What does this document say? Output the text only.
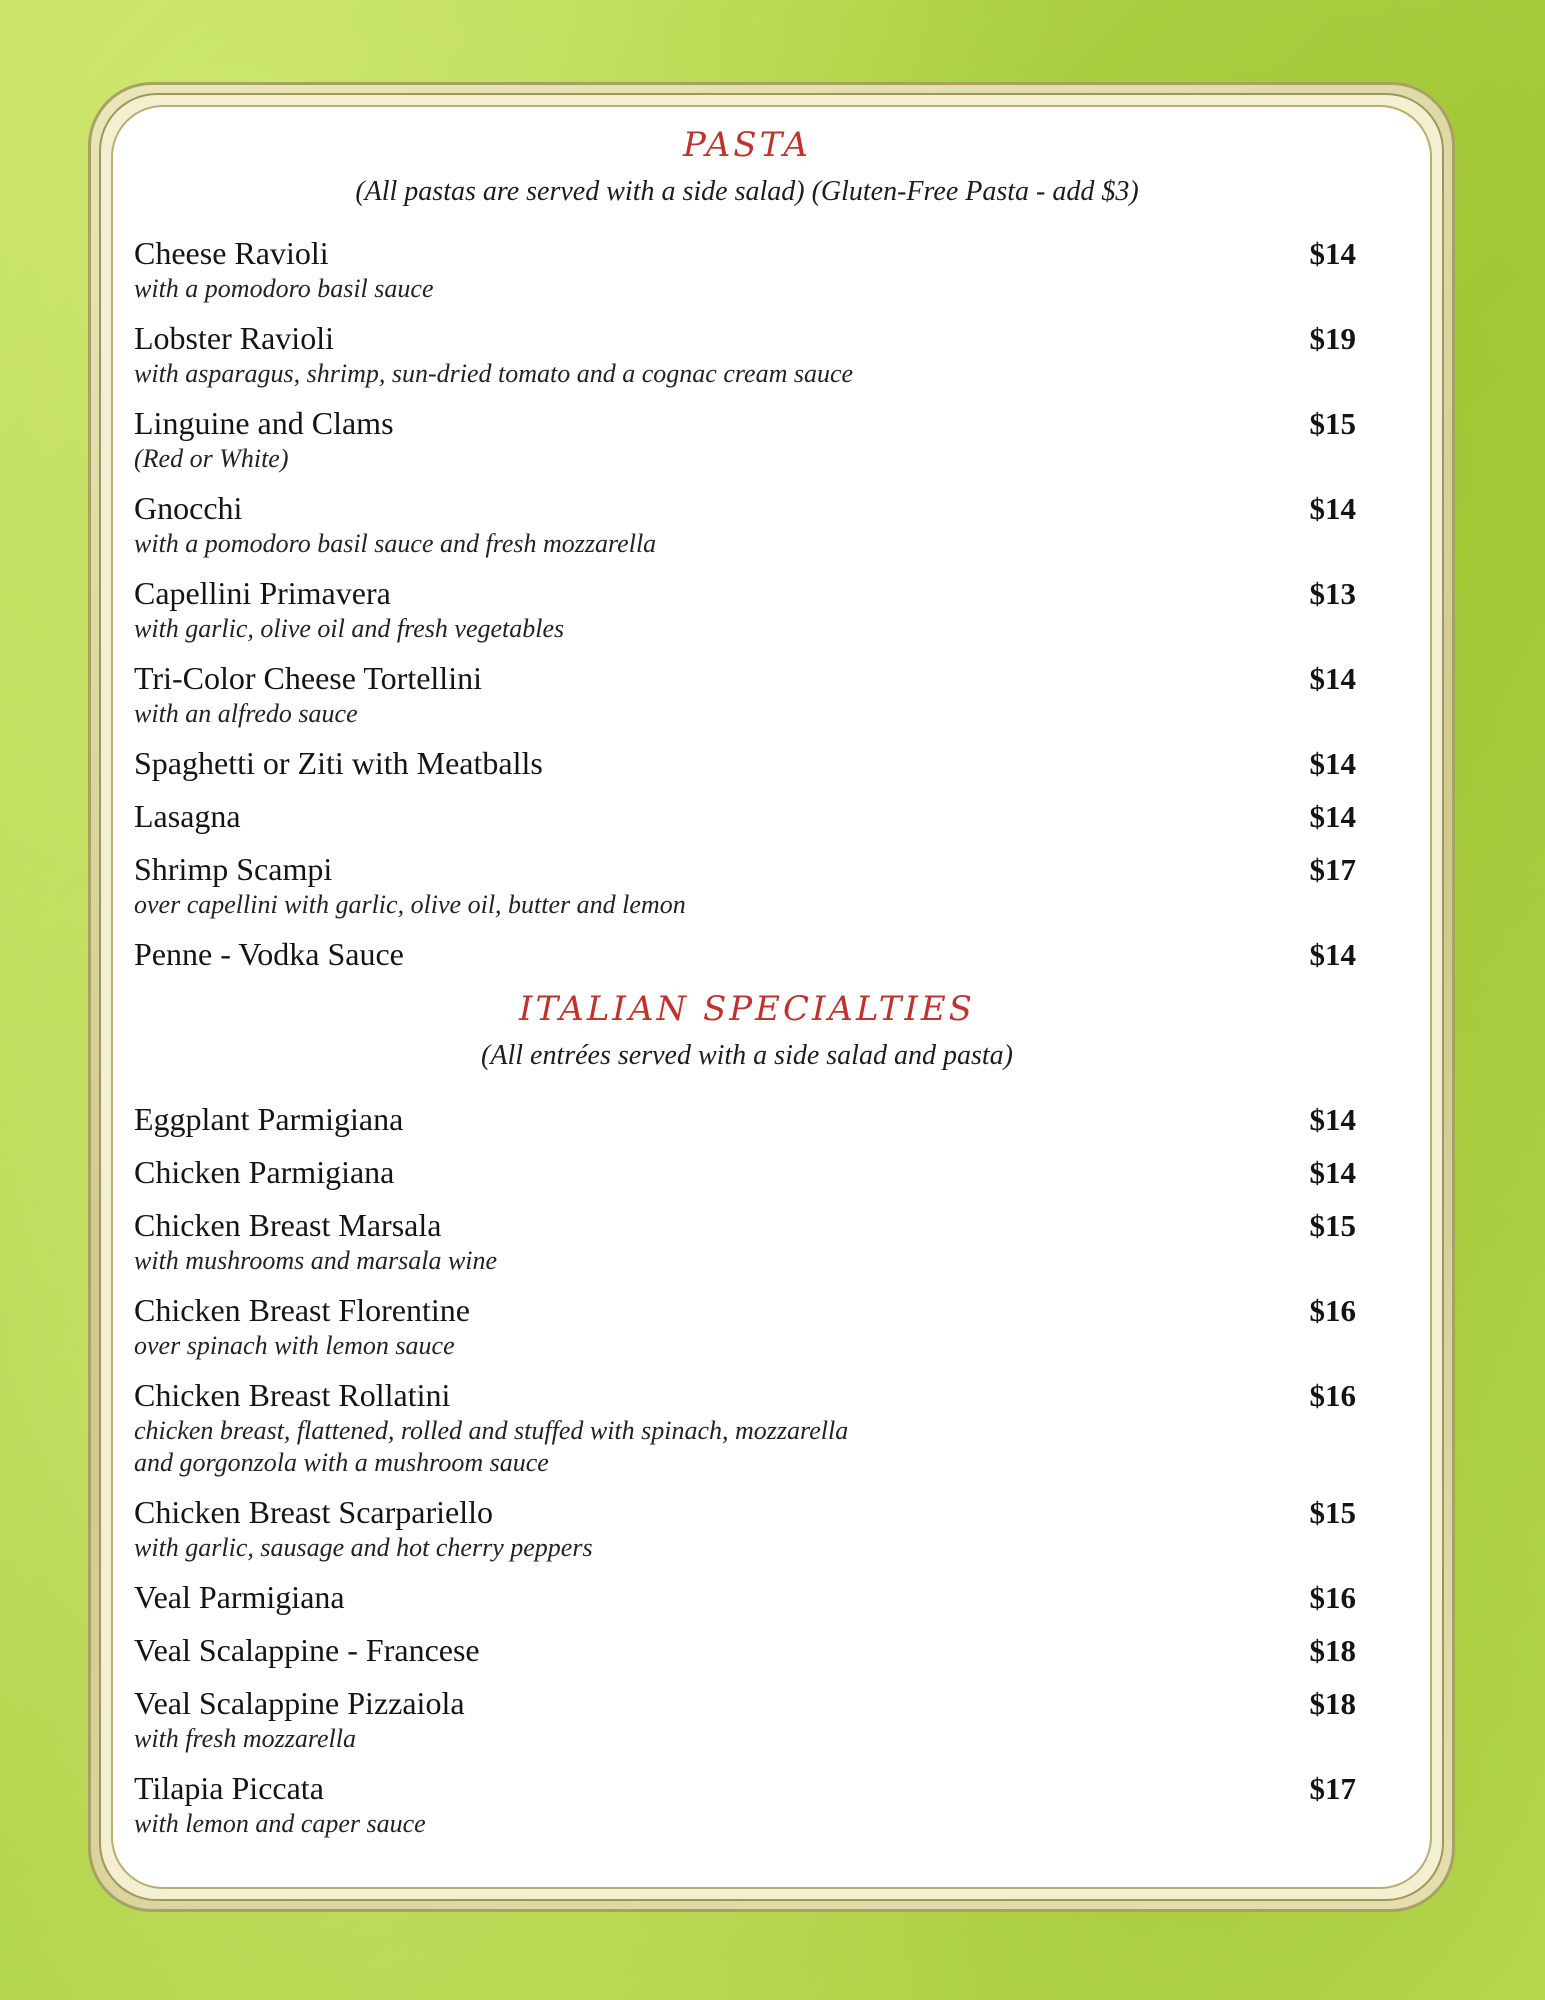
PASTA
(All pastas are served with a side salad) (Gluten-Free Pasta - add $3)
Cheese Ravioli	$14
with a pomodoro basil sauce
Lobster Ravioli	$19
with asparagus, shrimp, sun-dried tomato and a cognac cream sauce
Linguine and Clams	$15
(Red or White)
Gnocchi	$14
with a pomodoro basil sauce and fresh mozzarella
Capellini Primavera	$13
with garlic, olive oil and fresh vegetables
Tri-Color Cheese Tortellini	$14
with an alfredo sauce
Spaghetti or Ziti with Meatballs	$14
Lasagna	$14
Shrimp Scampi	$17
over capellini with garlic, olive oil, butter and lemon
Penne - Vodka Sauce	$14
ITALIAN SPECIALTIES
(All entrées served with a side salad and pasta)
Eggplant Parmigiana	$14
Chicken Parmigiana	$14
Chicken Breast Marsala	$15
with mushrooms and marsala wine
Chicken Breast Florentine	$16
over spinach with lemon sauce
Chicken Breast Rollatini	$16
chicken breast, flattened, rolled and stuffed with spinach, mozzarella
and gorgonzola with a mushroom sauce
Chicken Breast Scarpariello	$15
with garlic, sausage and hot cherry peppers
Veal Parmigiana	$16
Veal Scalappine - Francese	$18
Veal Scalappine Pizzaiola	$18
with fresh mozzarella
Tilapia Piccata	$17
with lemon and caper sauce
